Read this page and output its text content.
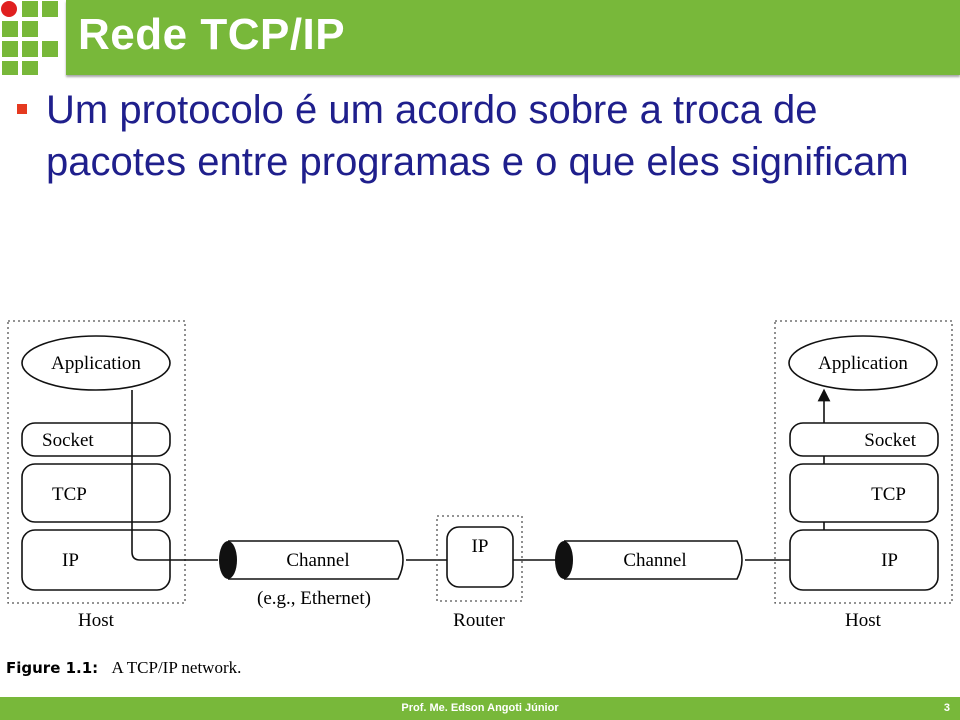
Rede TCP/IP

Um protocolo é um acordo sobre a troca de pacotes entre programas e o que eles significam

Application
Socket
TCP
IP
Host
Channel
(e.g., Ethernet)
IP
Router
Channel
Application
Socket
TCP
IP
Host
Figure 1.1: A TCP/IP network.
Prof. Me. Edson Angoti Júnior	3
